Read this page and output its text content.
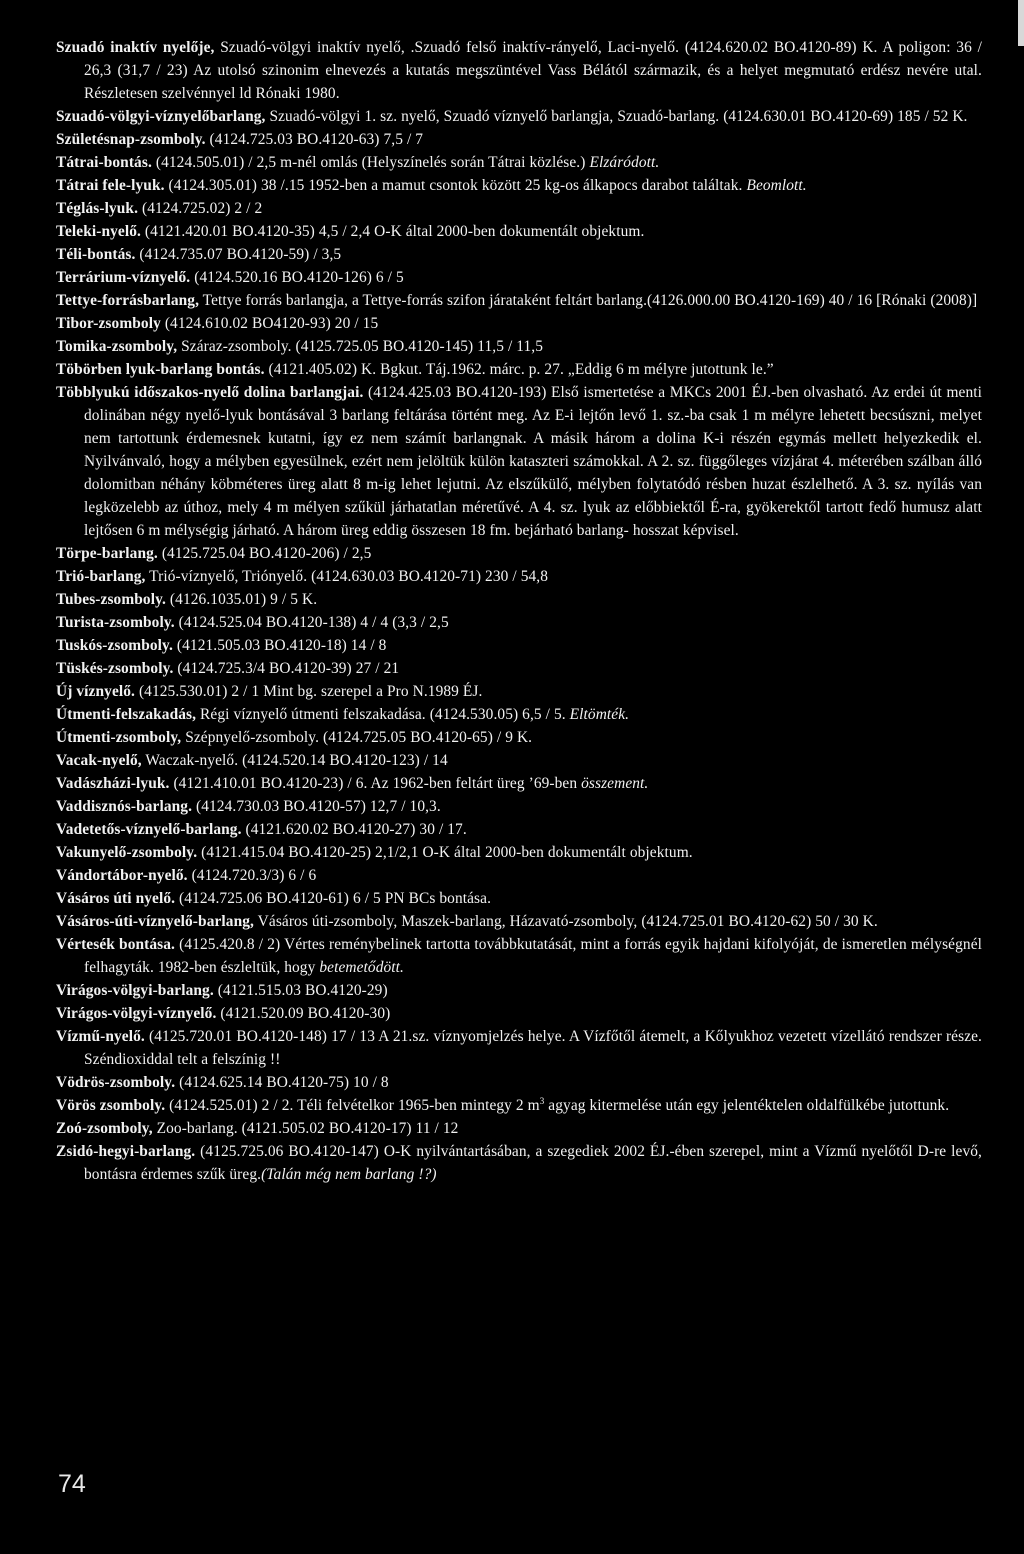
Szuadó inaktív nyelője, Szuadó-völgyi inaktív nyelő, .Szuadó felső inaktív-rányelő, Laci-nyelő. (4124.620.02 BO.4120-89) K. A poligon: 36 / 26,3 (31,7 / 23) Az utolsó szinonim elnevezés a kutatás megszüntével Vass Bélától származik, és a helyet megmutató erdész nevére utal. Részletesen szelvénnyel ld Rónaki 1980.

Szuadó-völgyi-víznyelőbarlang, Szuadó-völgyi 1. sz. nyelő, Szuadó víznyelő barlangja, Szuadó-barlang. (4124.630.01 BO.4120-69) 185 / 52 K.

Születésnap-zsomboly. (4124.725.03 BO.4120-63) 7,5 / 7

Tátrai-bontás. (4124.505.01) / 2,5 m-nél omlás (Helyszínelés során Tátrai közlése.) Elzáródott.

Tátrai fele-lyuk. (4124.305.01) 38 /.15 1952-ben a mamut csontok között 25 kg-os álkapocs darabot találtak. Beomlott.

Téglás-lyuk. (4124.725.02) 2 / 2

Teleki-nyelő. (4121.420.01 BO.4120-35) 4,5 / 2,4 O-K által 2000-ben dokumentált objektum.

Téli-bontás. (4124.735.07 BO.4120-59) / 3,5

Terrárium-víznyelő. (4124.520.16 BO.4120-126) 6 / 5

Tettye-forrásbarlang, Tettye forrás barlangja, a Tettye-forrás szifon járataként feltárt barlang.(4126.000.00 BO.4120-169) 40 / 16 [Rónaki (2008)]

Tibor-zsomboly (4124.610.02 BO4120-93) 20 / 15

Tomika-zsomboly, Száraz-zsomboly. (4125.725.05 BO.4120-145) 11,5 / 11,5

Töbörben lyuk-barlang bontás. (4121.405.02) K. Bgkut. Táj.1962. márc. p. 27. „Eddig 6 m mélyre jutottunk le.”

Többlyukú időszakos-nyelő dolina barlangjai. (4124.425.03 BO.4120-193) Első ismertetése a MKCs 2001 ÉJ.-ben olvasható. Az erdei út menti dolinában négy nyelő-lyuk bontásával 3 barlang feltárása történt meg. Az E-i lejtőn levő 1. sz.-ba csak 1 m mélyre lehetett becsúszni, melyet nem tartottunk érdemesnek kutatni, így ez nem számít barlangnak. A másik három a dolina K-i részén egymás mellett helyezkedik el. Nyilvánvaló, hogy a mélyben egyesülnek, ezért nem jelöltük külön kataszteri számokkal. A 2. sz. függőleges vízjárat 4. méterében szálban álló dolomitban néhány köbméteres üreg alatt 8 m-ig lehet lejutni. Az elszűkülő, mélyben folytatódó résben huzat észlelhető. A 3. sz. nyílás van legközelebb az úthoz, mely 4 m mélyen szűkül járhatatlan méretűvé. A 4. sz. lyuk az előbbiektől É-ra, gyökerektől tartott fedő humusz alatt lejtősen 6 m mélységig járható. A három üreg eddig összesen 18 fm. bejárható barlang- hosszat képvisel.

Törpe-barlang. (4125.725.04 BO.4120-206) / 2,5

Trió-barlang, Trió-víznyelő, Triónyelő. (4124.630.03 BO.4120-71) 230 / 54,8

Tubes-zsomboly. (4126.1035.01) 9 / 5 K.

Turista-zsomboly. (4124.525.04 BO.4120-138) 4 / 4 (3,3 / 2,5

Tuskós-zsomboly. (4121.505.03 BO.4120-18) 14 / 8

Tüskés-zsomboly. (4124.725.3/4 BO.4120-39) 27 / 21

Új víznyelő. (4125.530.01) 2 / 1 Mint bg. szerepel a Pro N.1989 ÉJ.

Útmenti-felszakadás, Régi víznyelő útmenti felszakadása. (4124.530.05) 6,5 / 5. Eltömték.

Útmenti-zsomboly, Szépnyelő-zsomboly. (4124.725.05 BO.4120-65) / 9 K.

Vacak-nyelő, Waczak-nyelő. (4124.520.14 BO.4120-123) / 14

Vadászházi-lyuk. (4121.410.01 BO.4120-23) / 6. Az 1962-ben feltárt üreg ’69-ben összement.

Vaddisznós-barlang. (4124.730.03 BO.4120-57) 12,7 / 10,3.

Vadetetős-víznyelő-barlang. (4121.620.02 BO.4120-27) 30 / 17.

Vakunyelő-zsomboly. (4121.415.04 BO.4120-25) 2,1/2,1 O-K által 2000-ben dokumentált objektum.

Vándortábor-nyelő. (4124.720.3/3) 6 / 6

Vásáros úti nyelő. (4124.725.06 BO.4120-61) 6 / 5 PN BCs bontása.

Vásáros-úti-víznyelő-barlang, Vásáros úti-zsomboly, Maszek-barlang, Házavató-zsomboly, (4124.725.01 BO.4120-62) 50 / 30 K.

Vértesék bontása. (4125.420.8 / 2) Vértes reménybelinek tartotta továbbkutatását, mint a forrás egyik hajdani kifolyóját, de ismeretlen mélységnél felhagyták. 1982-ben észleltük, hogy betemetődött.

Virágos-völgyi-barlang. (4121.515.03 BO.4120-29)

Virágos-völgyi-víznyelő. (4121.520.09 BO.4120-30)

Vízmű-nyelő. (4125.720.01 BO.4120-148) 17 / 13 A 21.sz. víznyomjelzés helye. A Vízfőtől átemelt, a Kőlyukhoz vezetett vízellátó rendszer része. Széndioxiddal telt a felszínig !!

Vödrös-zsomboly. (4124.625.14 BO.4120-75) 10 / 8

Vörös zsomboly. (4124.525.01) 2 / 2. Téli felvételkor 1965-ben mintegy 2 $m^3$ agyag kitermelése után egy jelentéktelen oldalfülkébe jutottunk.

Zoó-zsomboly, Zoo-barlang. (4121.505.02 BO.4120-17) 11 / 12

Zsidó-hegyi-barlang. (4125.725.06 BO.4120-147) O-K nyilvántartásában, a szegediek 2002 ÉJ.-ében szerepel, mint a Vízmű nyelőtől D-re levő, bontásra érdemes szűk üreg.(Talán még nem barlang !?)

74
